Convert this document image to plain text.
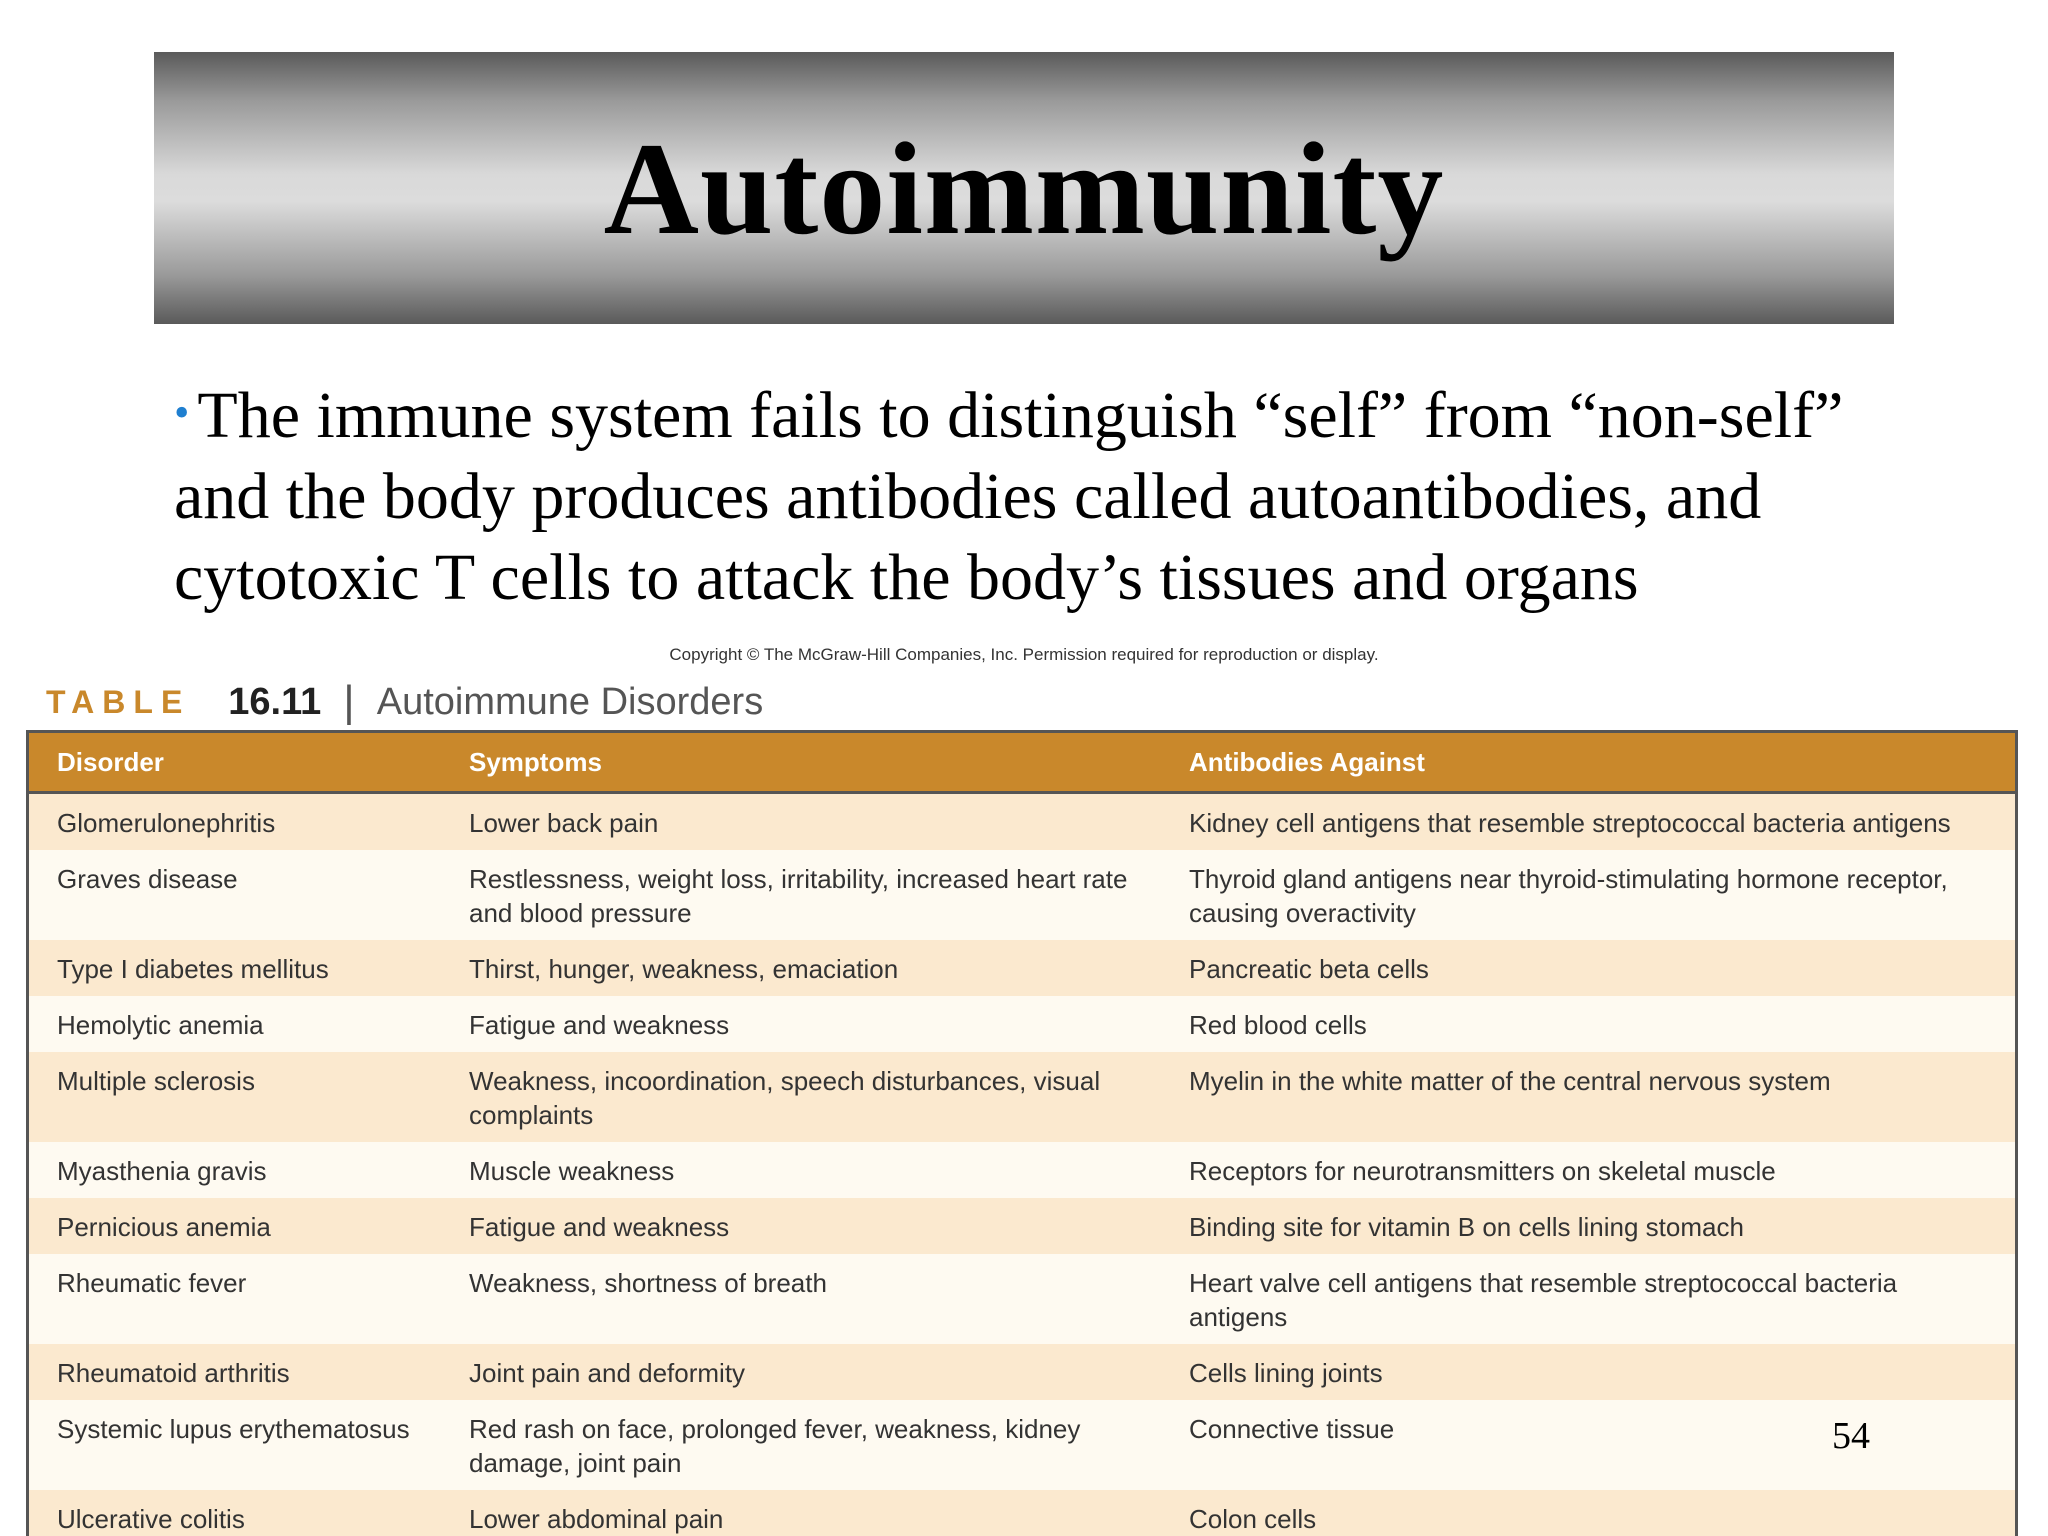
Autoimmunity
• The immune system fails to distinguish “self” from “non-self” and the body produces antibodies called autoantibodies, and cytotoxic T cells to attack the body’s tissues and organs
Copyright © The McGraw-Hill Companies, Inc. Permission required for reproduction or display.
TABLE 16.11 | Autoimmune Disorders
Disorder	Symptoms	Antibodies Against
Glomerulonephritis	Lower back pain	Kidney cell antigens that resemble streptococcal bacteria antigens
Graves disease	Restlessness, weight loss, irritability, increased heart rate and blood pressure	Thyroid gland antigens near thyroid-stimulating hormone receptor, causing overactivity
Type I diabetes mellitus	Thirst, hunger, weakness, emaciation	Pancreatic beta cells
Hemolytic anemia	Fatigue and weakness	Red blood cells
Multiple sclerosis	Weakness, incoordination, speech disturbances, visual complaints	Myelin in the white matter of the central nervous system
Myasthenia gravis	Muscle weakness	Receptors for neurotransmitters on skeletal muscle
Pernicious anemia	Fatigue and weakness	Binding site for vitamin B on cells lining stomach
Rheumatic fever	Weakness, shortness of breath	Heart valve cell antigens that resemble streptococcal bacteria antigens
Rheumatoid arthritis	Joint pain and deformity	Cells lining joints
Systemic lupus erythematosus	Red rash on face, prolonged fever, weakness, kidney damage, joint pain	Connective tissue
Ulcerative colitis	Lower abdominal pain	Colon cells
54
